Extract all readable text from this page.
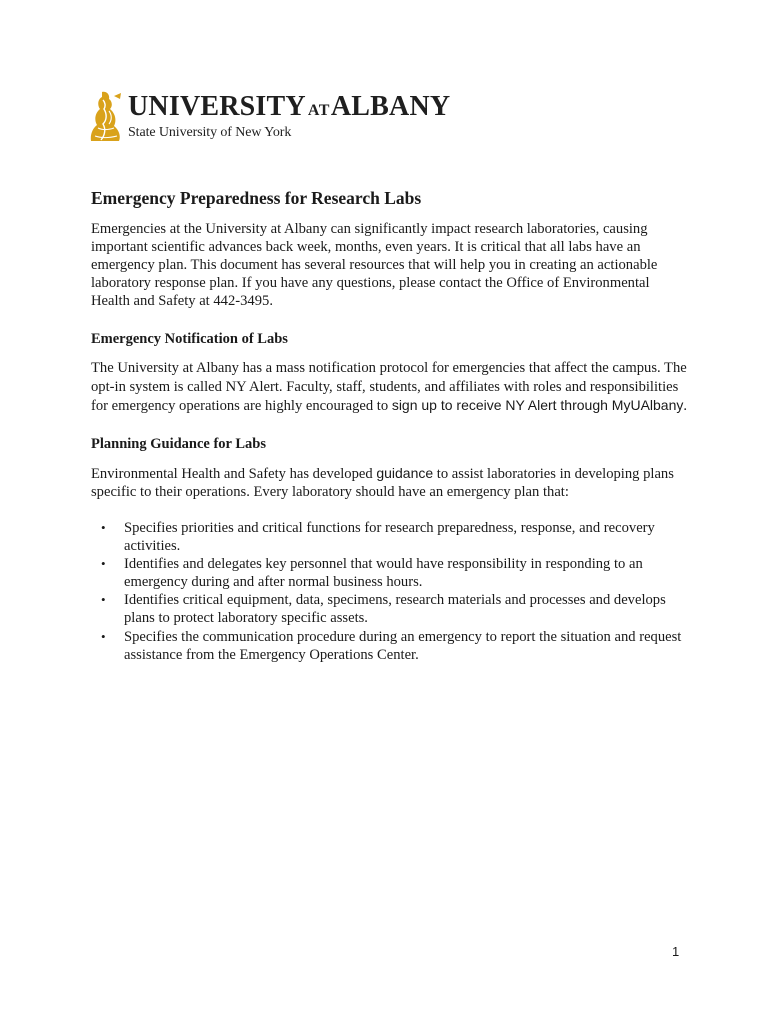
UNIVERSITY AT ALBANY
State University of New York
Emergency Preparedness for Research Labs

Emergencies at the University at Albany can significantly impact research laboratories, causing important scientific advances back week, months, even years. It is critical that all labs have an emergency plan. This document has several resources that will help you in creating an actionable laboratory response plan. If you have any questions, please contact the Office of Environmental Health and Safety at 442-3495.

Emergency Notification of Labs

The University at Albany has a mass notification protocol for emergencies that affect the campus. The opt-in system is called NY Alert. Faculty, staff, students, and affiliates with roles and responsibilities for emergency operations are highly encouraged to sign up to receive NY Alert through MyUAlbany.

Planning Guidance for Labs

Environmental Health and Safety has developed guidance to assist laboratories in developing plans specific to their operations. Every laboratory should have an emergency plan that:

• Specifies priorities and critical functions for research preparedness, response, and recovery activities.
• Identifies and delegates key personnel that would have responsibility in responding to an emergency during and after normal business hours.
• Identifies critical equipment, data, specimens, research materials and processes and develops plans to protect laboratory specific assets.
• Specifies the communication procedure during an emergency to report the situation and request assistance from the Emergency Operations Center.
1
